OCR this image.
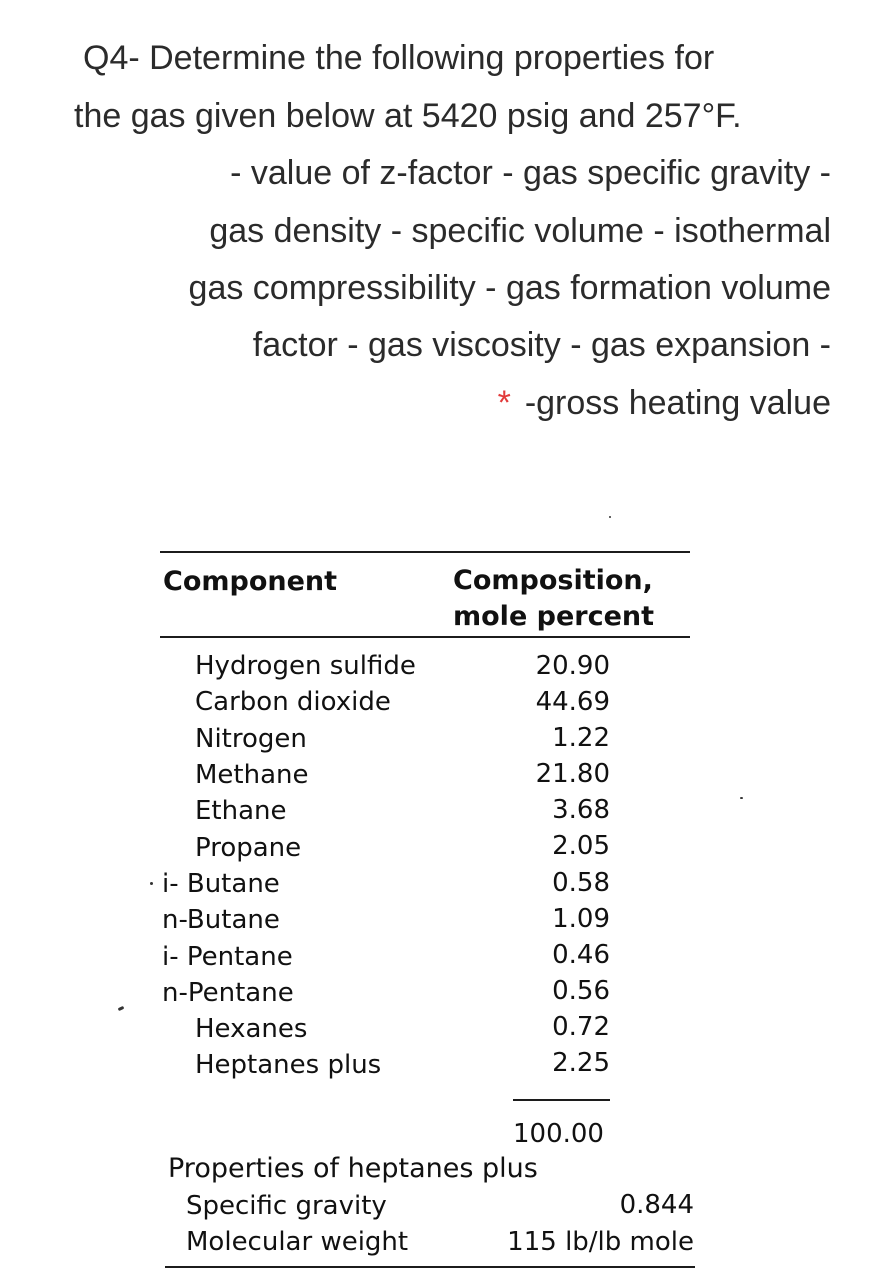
Q4- Determine the following properties for
the gas given below at 5420 psig and 257°F.
- value of z-factor - gas specific gravity -
gas density - specific volume - isothermal
gas compressibility - gas formation volume
factor - gas viscosity - gas expansion -
* -gross heating value
Component	Composition,
mole percent
Hydrogen sulfide	20.90
Carbon dioxide	44.69
Nitrogen	1.22
Methane	21.80
Ethane	3.68
Propane	2.05
i- Butane	0.58
n-Butane	1.09
i- Pentane	0.46
n-Pentane	0.56
Hexanes	0.72
Heptanes plus	2.25
100.00
Properties of heptanes plus
Specific gravity	0.844
Molecular weight	115 lb/lb mole
